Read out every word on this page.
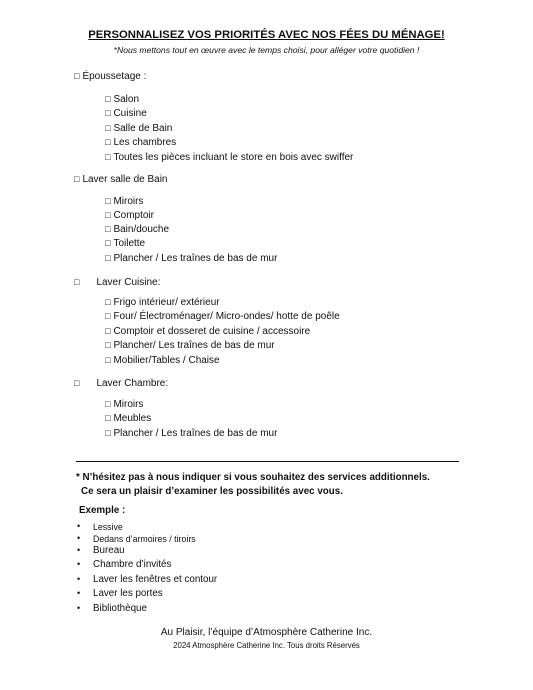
PERSONNALISEZ VOS PRIORITÉS AVEC NOS FÉES DU MÉNAGE!
*Nous mettons tout en œuvre avec le temps choisi, pour alléger votre quotidien !
□ Époussetage :
□ Salon
□ Cuisine
□ Salle de Bain
□ Les chambres
□ Toutes les pièces incluant le store en bois avec swiffer
□ Laver salle de Bain
□ Miroirs
□ Comptoir
□ Bain/douche
□ Toilette
□ Plancher / Les traînes de bas de mur
□ Laver Cuisine:
□ Frigo intérieur/ extérieur
□ Four/ Électroménager/ Micro-ondes/ hotte de poêle
□ Comptoir et dosseret de cuisine / accessoire
□ Plancher/ Les traînes de bas de mur
□ Mobilier/Tables / Chaise
□ Laver Chambre:
□ Miroirs
□ Meubles
□ Plancher / Les traînes de bas de mur
* N’hésitez pas à nous indiquer si vous souhaitez des services additionnels.
Ce sera un plaisir d’examiner les possibilités avec vous.
Exemple :
• Lessive
• Dedans d’armoires / tiroirs
• Bureau
• Chambre d’invités
• Laver les fenêtres et contour
• Laver les portes
• Bibliothèque
Au Plaisir, l’équipe d’Atmosphère Catherine Inc.
2024 Atmosphère Catherine Inc. Tous droits Réservés
